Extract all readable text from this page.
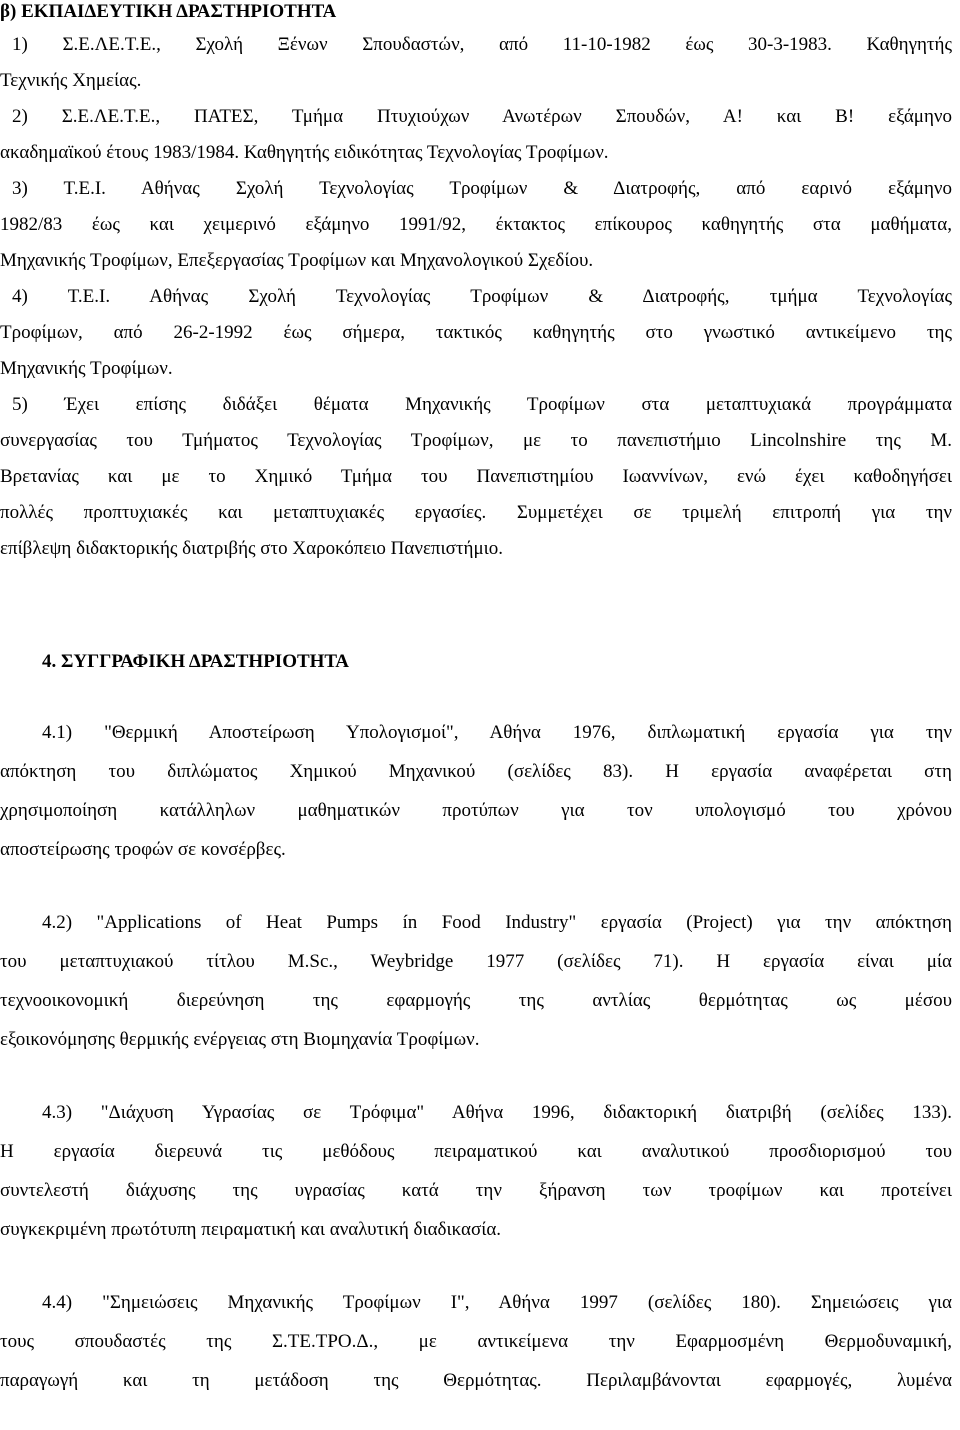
β) ΕΚΠΑΙΔΕΥΤΙΚΗ ΔΡΑΣΤΗΡΙΟΤΗΤΑ
1) Σ.Ε.ΛΕ.Τ.Ε., Σχολή Ξένων Σπουδαστών, από 11-10-1982 έως 30-3-1983. Καθηγητής
Τεχνικής Χημείας.
2) Σ.Ε.ΛΕ.Τ.Ε., ΠΑΤΕΣ, Τμήμα Πτυχιούχων Ανωτέρων Σπουδών, Α! και Β! εξάμηνο
ακαδημαϊκού έτους 1983/1984. Καθηγητής ειδικότητας Τεχνολογίας Τροφίμων.
3) Τ.Ε.Ι. Αθήνας Σχολή Τεχνολογίας Τροφίμων & Διατροφής, από εαρινό εξάμηνο
1982/83 έως και χειμερινό εξάμηνο 1991/92, έκτακτος επίκουρος καθηγητής στα μαθήματα,
Μηχανικής Τροφίμων, Επεξεργασίας Τροφίμων και Μηχανολογικού Σχεδίου.
4) Τ.Ε.Ι. Αθήνας Σχολή Τεχνολογίας Τροφίμων & Διατροφής, τμήμα Τεχνολογίας
Τροφίμων, από 26-2-1992 έως σήμερα, τακτικός καθηγητής στο γνωστικό αντικείμενο της
Μηχανικής Τροφίμων.
5) Έχει επίσης διδάξει θέματα Μηχανικής Τροφίμων στα μεταπτυχιακά προγράμματα
συνεργασίας του Τμήματος Τεχνολογίας Τροφίμων, με το πανεπιστήμιο Lincolnshire της Μ.
Βρετανίας και με το Χημικό Τμήμα του Πανεπιστημίου Ιωαννίνων, ενώ έχει καθοδηγήσει
πολλές προπτυχιακές και μεταπτυχιακές εργασίες. Συμμετέχει σε τριμελή επιτροπή για την
επίβλεψη διδακτορικής διατριβής στο Χαροκόπειο Πανεπιστήμιο.
4. ΣΥΓΓΡΑΦΙΚΗ ΔΡΑΣΤΗΡΙΟΤΗΤΑ
4.1) "Θερμική Αποστείρωση Υπολογισμοί", Αθήνα 1976, διπλωματική εργασία για την
απόκτηση του διπλώματος Χημικού Μηχανικού (σελίδες 83). Η εργασία αναφέρεται στη
χρησιμοποίηση κατάλληλων μαθηματικών προτύπων για τον υπολογισμό του χρόνου
αποστείρωσης τροφών σε κονσέρβες.
4.2) "Applications of Heat Pumps ín Food Industry" εργασία (Project) για την απόκτηση
του μεταπτυχιακού τίτλου M.Sc., Weybridge 1977 (σελίδες 71). Η εργασία είναι μία
τεχνοοικονομική διερεύνηση της εφαρμογής της αντλίας θερμότητας ως μέσου
εξοικονόμησης θερμικής ενέργειας στη Βιομηχανία Τροφίμων.
4.3) "Διάχυση Υγρασίας σε Τρόφιμα" Αθήνα 1996, διδακτορική διατριβή (σελίδες 133).
Η εργασία διερευνά τις μεθόδους πειραματικού και αναλυτικού προσδιορισμού του
συντελεστή διάχυσης της υγρασίας κατά την ξήρανση των τροφίμων και προτείνει
συγκεκριμένη πρωτότυπη πειραματική και αναλυτική διαδικασία.
4.4) "Σημειώσεις Μηχανικής Τροφίμων Ι", Αθήνα 1997 (σελίδες 180). Σημειώσεις για
τους σπουδαστές της Σ.ΤΕ.ΤΡΟ.Δ., με αντικείμενα την Εφαρμοσμένη Θερμοδυναμική,
παραγωγή και τη μετάδοση της Θερμότητας. Περιλαμβάνονται εφαρμογές, λυμένα
